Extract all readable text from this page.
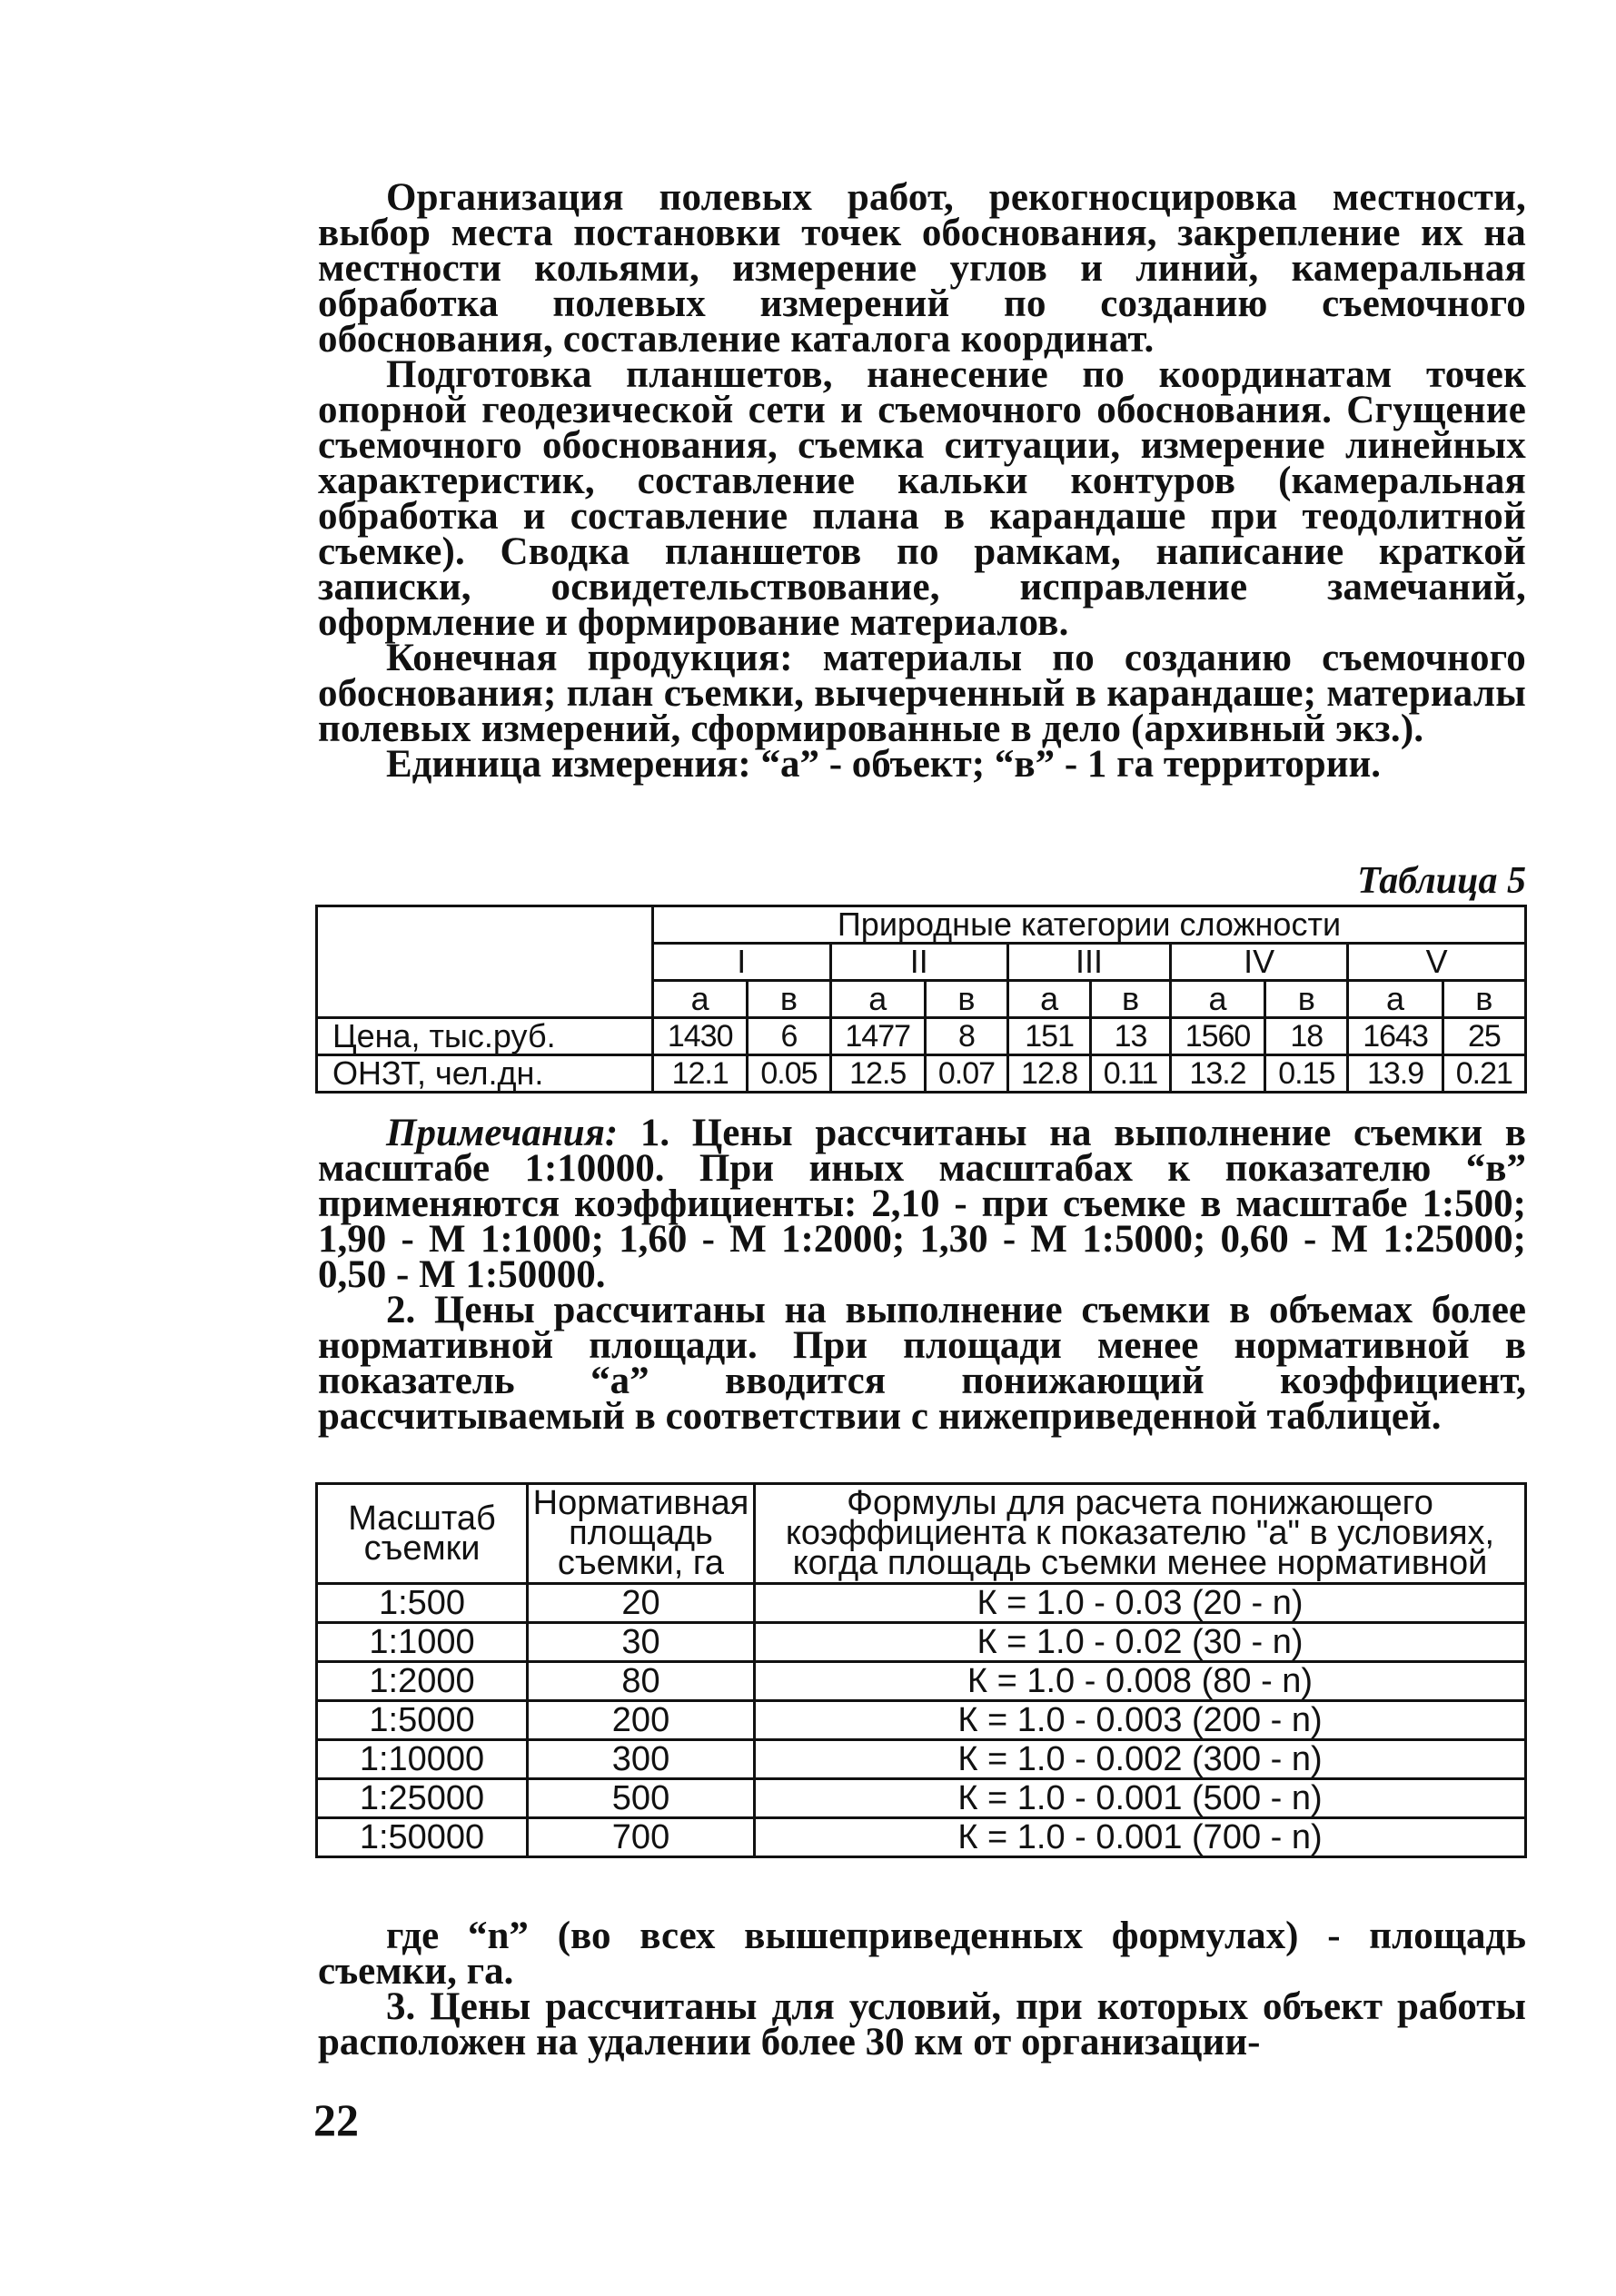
Организация полевых работ, рекогносцировка местности, выбор места постановки точек обоснования, закрепление их на местности кольями, измерение углов и линий, камеральная обработка полевых измерений по созданию съемочного обоснования, составление каталога координат.

Подготовка планшетов, нанесение по координатам точек опорной геодезической сети и съемочного обоснования. Сгущение съемочного обоснования, съемка ситуации, измерение линейных характеристик, составление кальки контуров (камеральная обработка и составление плана в карандаше при теодолитной съемке). Сводка планшетов по рамкам, написание краткой записки, освидетельствование, исправление замечаний, оформление и формирование материалов.

Конечная продукция: материалы по созданию съемочного обоснования; план съемки, вычерченный в карандаше; материалы полевых измерений, сформированные в дело (архивный экз.).

Единица измерения: “а” - объект; “в” - 1 га территории.

Таблица 5
	Природные категории сложности									
	I		II		III		IV		V	
	а	в	а	в	а	в	а	в	а	в
Цена, тыс.руб.	1430	6	1477	8	151	13	1560	18	1643	25
ОНЗТ, чел.дн.	12.1	0.05	12.5	0.07	12.8	0.11	13.2	0.15	13.9	0.21

Примечания: 1. Цены рассчитаны на выполнение съемки в масштабе 1:10000. При иных масштабах к показателю “в” применяются коэффициенты: 2,10 - при съемке в масштабе 1:500; 1,90 - М 1:1000; 1,60 - М 1:2000; 1,30 - М 1:5000; 0,60 - М 1:25000; 0,50 - М 1:50000.

2. Цены рассчитаны на выполнение съемки в объемах более нормативной площади. При площади менее нормативной в показатель “а” вводится понижающий коэффициент, рассчитываемый в соответствии с нижеприведенной таблицей.

Масштаб съемки	Нормативная площадь съемки, га	Формулы для расчета понижающего коэффициента к показателю "а" в условиях, когда площадь съемки менее нормативной
1:500	20	К = 1.0 - 0.03 (20 - n)
1:1000	30	К = 1.0 - 0.02 (30 - n)
1:2000	80	К = 1.0 - 0.008 (80 - n)
1:5000	200	К = 1.0 - 0.003 (200 - n)
1:10000	300	К = 1.0 - 0.002 (300 - n)
1:25000	500	К = 1.0 - 0.001 (500 - n)
1:50000	700	К = 1.0 - 0.001 (700 - n)

где “n” (во всех вышеприведенных формулах) - площадь съемки, га.

3. Цены рассчитаны для условий, при которых объект работы расположен на удалении более 30 км от организации-

22
